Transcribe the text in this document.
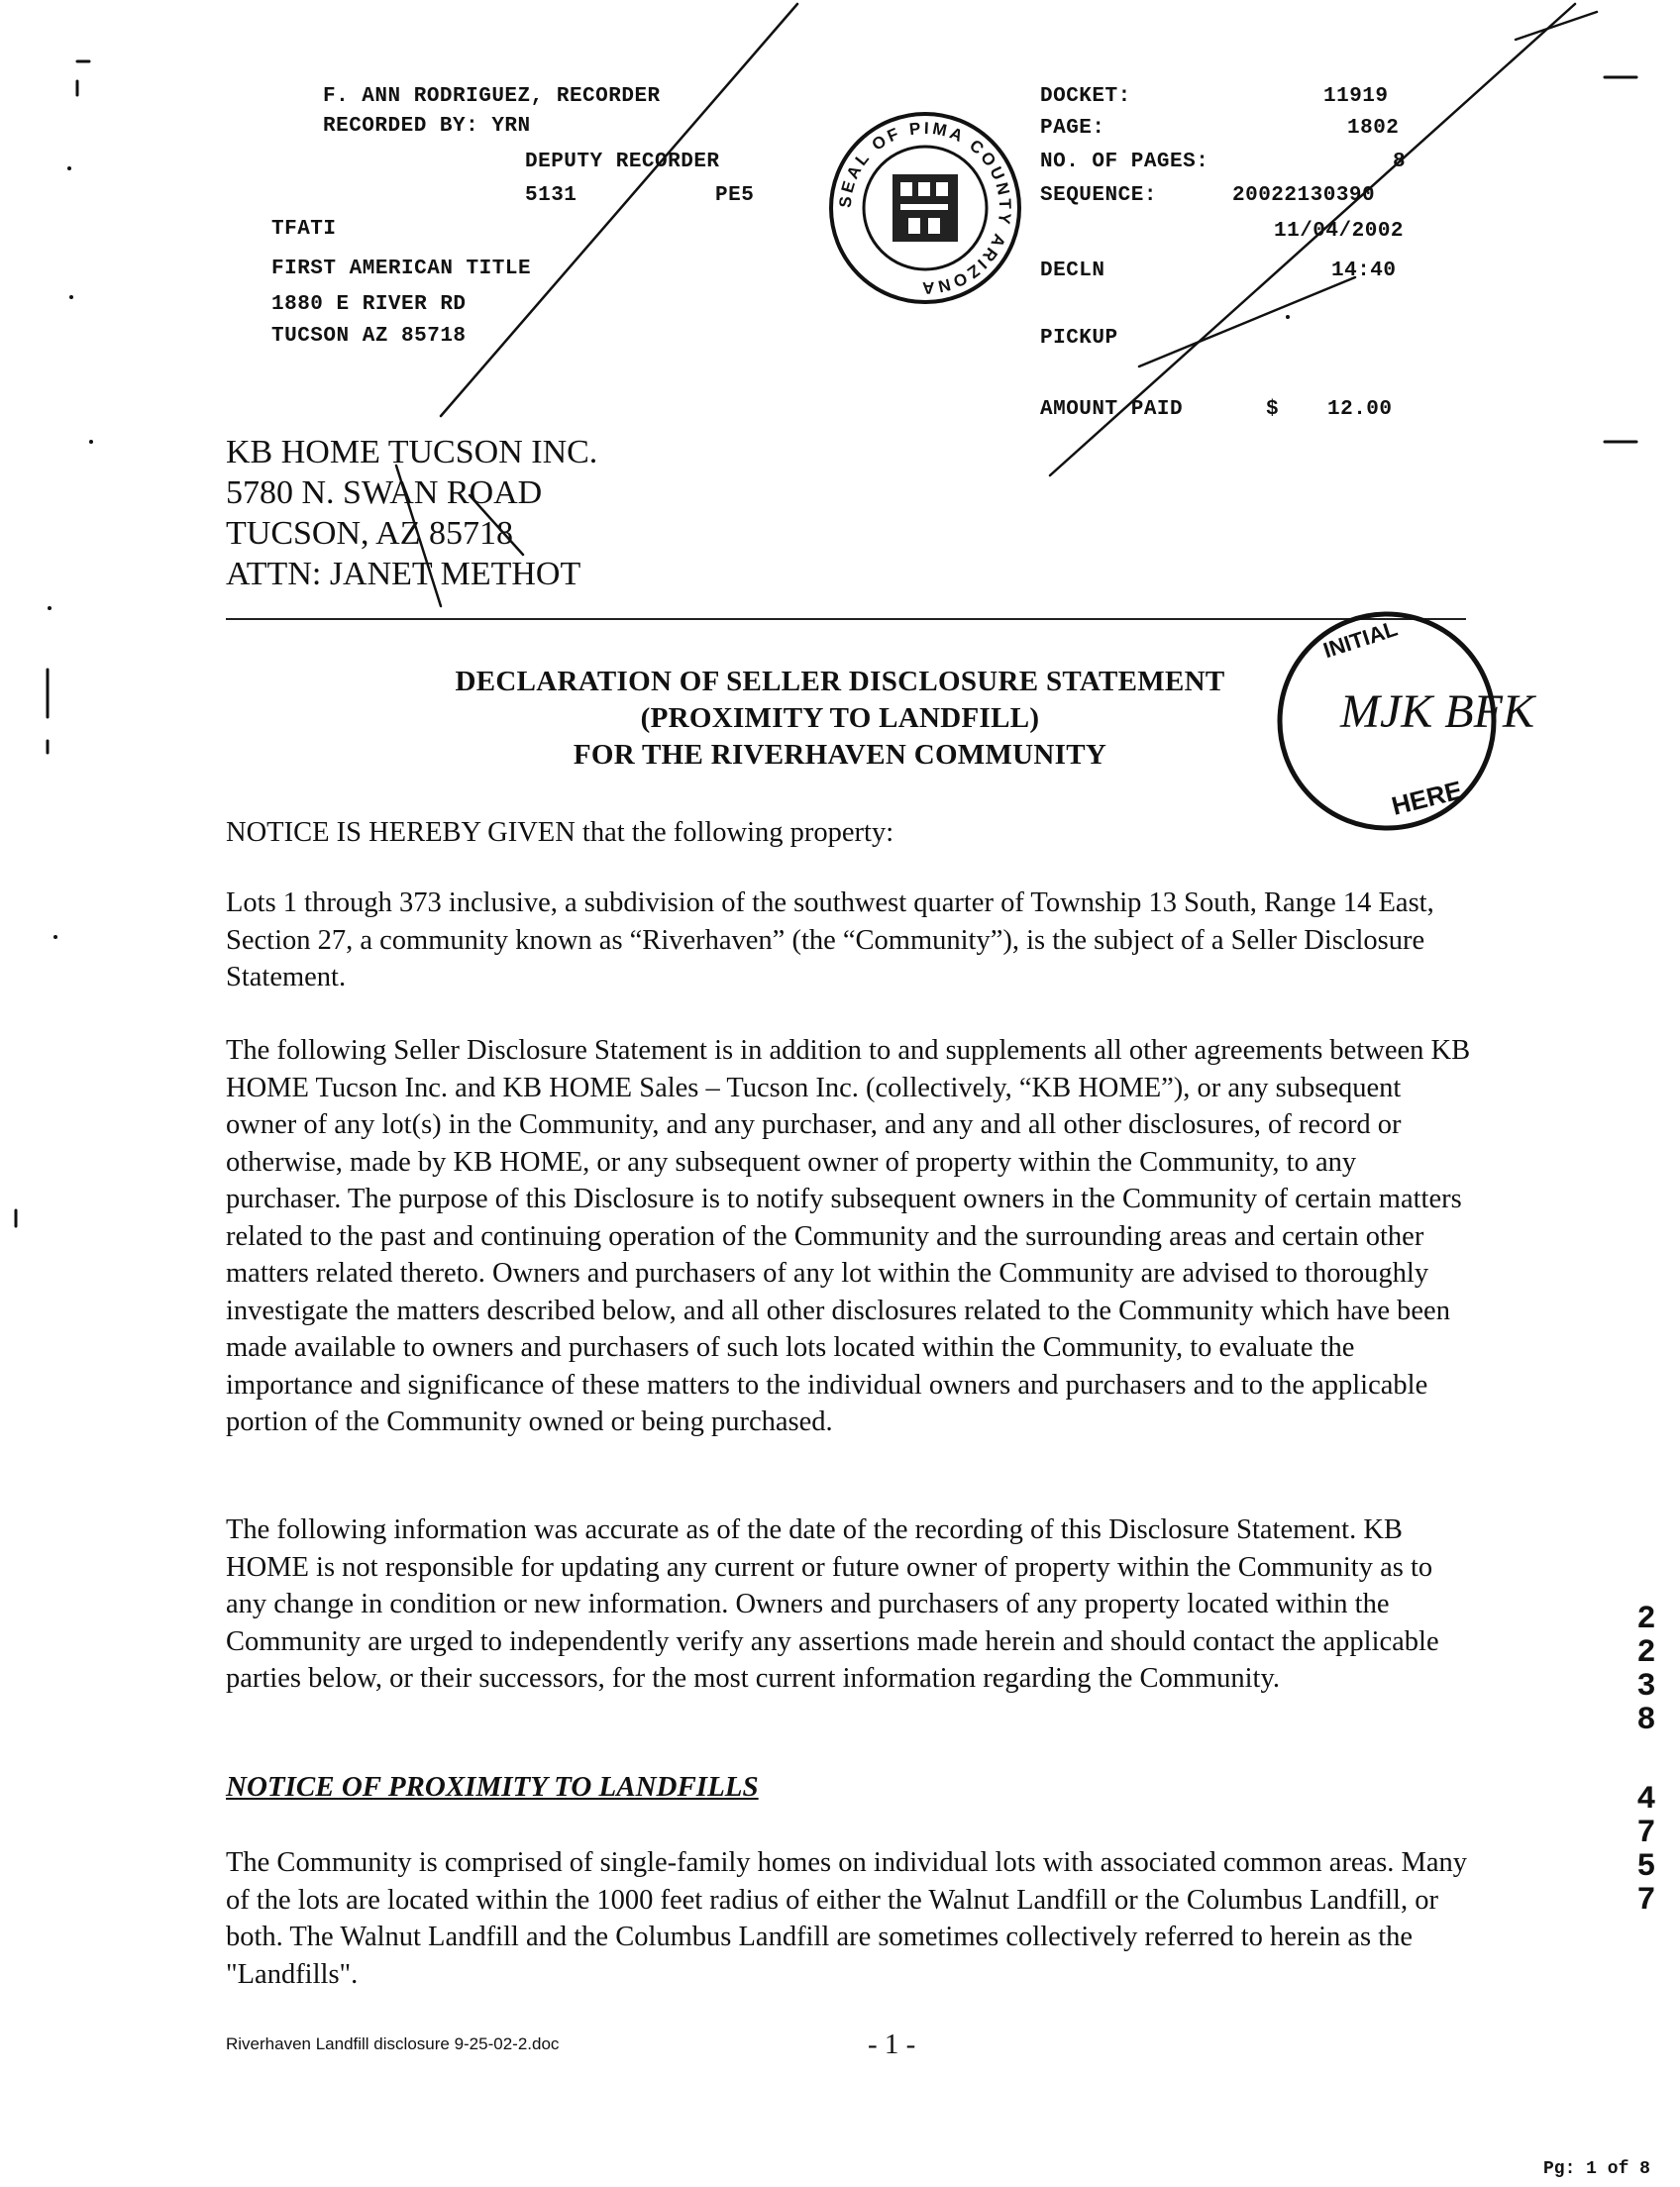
F. ANN RODRIGUEZ, RECORDER
RECORDED BY: YRN
DEPUTY RECORDER
5131	PE5
TFATI
FIRST AMERICAN TITLE
1880 E RIVER RD
TUCSON AZ 85718
DOCKET:	11919
PAGE:	1802
NO. OF PAGES:	8
SEQUENCE:	20022130390
11/04/2002
DECLN	14:40
PICKUP
AMOUNT PAID	$ 12.00
SEAL OF PIMA COUNTY ARIZONA
KB HOME TUCSON INC.
5780 N. SWAN ROAD
TUCSON, AZ 85718
ATTN: JANET METHOT
INITIAL
MJK BFK
HERE
DECLARATION OF SELLER DISCLOSURE STATEMENT
(PROXIMITY TO LANDFILL)
FOR THE RIVERHAVEN COMMUNITY

NOTICE IS HEREBY GIVEN that the following property:

Lots 1 through 373 inclusive, a subdivision of the southwest quarter of Township 13 South, Range 14 East, Section 27, a community known as “Riverhaven” (the “Community”), is the subject of a Seller Disclosure Statement.

The following Seller Disclosure Statement is in addition to and supplements all other agreements between KB HOME Tucson Inc. and KB HOME Sales – Tucson Inc. (collectively, “KB HOME”), or any subsequent owner of any lot(s) in the Community, and any purchaser, and any and all other disclosures, of record or otherwise, made by KB HOME, or any subsequent owner of property within the Community, to any purchaser. The purpose of this Disclosure is to notify subsequent owners in the Community of certain matters related to the past and continuing operation of the Community and the surrounding areas and certain other matters related thereto. Owners and purchasers of any lot within the Community are advised to thoroughly investigate the matters described below, and all other disclosures related to the Community which have been made available to owners and purchasers of such lots located within the Community, to evaluate the importance and significance of these matters to the individual owners and purchasers and to the applicable portion of the Community owned or being purchased.

The following information was accurate as of the date of the recording of this Disclosure Statement. KB HOME is not responsible for updating any current or future owner of property within the Community as to any change in condition or new information. Owners and purchasers of any property located within the Community are urged to independently verify any assertions made herein and should contact the applicable parties below, or their successors, for the most current information regarding the Community.

NOTICE OF PROXIMITY TO LANDFILLS

The Community is comprised of single-family homes on individual lots with associated common areas. Many of the lots are located within the 1000 feet radius of either the Walnut Landfill or the Columbus Landfill, or both. The Walnut Landfill and the Columbus Landfill are sometimes collectively referred to herein as the "Landfills".

2
2
3
8
4
7
5
7
Riverhaven Landfill disclosure 9-25-02-2.doc	- 1 -
Pg: 1 of 8
